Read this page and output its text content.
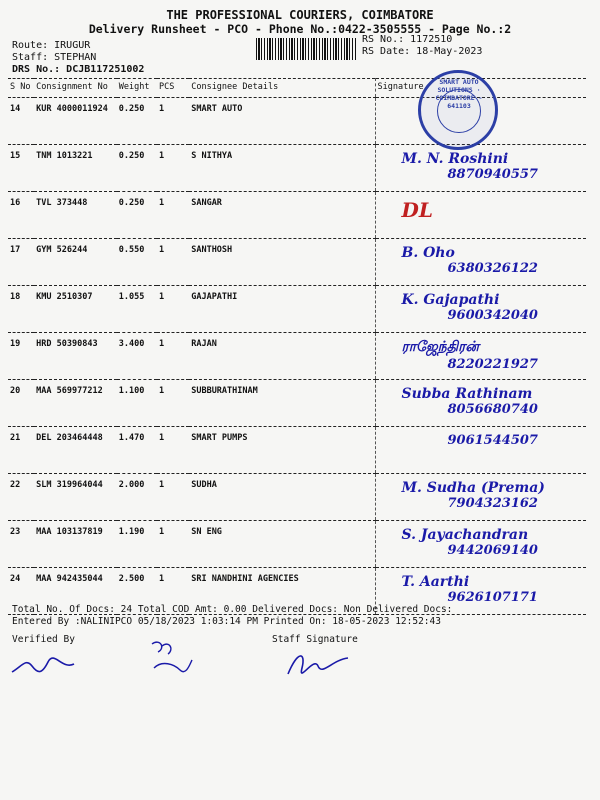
THE PROFESSIONAL COURIERS, COIMBATORE
Delivery Runsheet - PCO - Phone No.:0422-3505555 - Page No.:2
Route: IRUGUR
Staff: STEPHAN
DRS No.: DCJB117251002
RS No.: 1172510
RS Date: 18-May-2023
S No	Consignment No	Weight	PCS	Consignee Details	Signature
14	KUR 4000011924	0.250	1	SMART AUTO	

15	TNM 1013221	0.250	1	S NITHYA	M. N. Roshini
8870940557

16	TVL 373448	0.250	1	SANGAR	DL

17	GYM 526244	0.550	1	SANTHOSH	B. Oho
6380326122

18	KMU 2510307	1.055	1	GAJAPATHI	K. Gajapathi
9600342040

19	HRD 50390843	3.400	1	RAJAN	ராஜேந்திரன்
8220221927

20	MAA 569977212	1.100	1	SUBBURATHINAM	Subba Rathinam
8056680740

21	DEL 203464448	1.470	1	SMART PUMPS	9061544507

22	SLM 319964044	2.000	1	SUDHA	M. Sudha (Prema)
7904323162

23	MAA 103137819	1.190	1	SN ENG	S. Jayachandran
9442069140

24	MAA 942435044	2.500	1	SRI NANDHINI AGENCIES	T. Aarthi
9626107171
SMART AUTO SOLUTIONS · COIMBATORE - 641103
Total No. Of Docs: 24 Total COD Amt: 0.00 Delivered Docs: Non Delivered Docs:
Entered By :NALINIPCO 05/18/2023 1:03:14 PM Printed On: 18-05-2023 12:52:43
Verified By	Staff Signature
